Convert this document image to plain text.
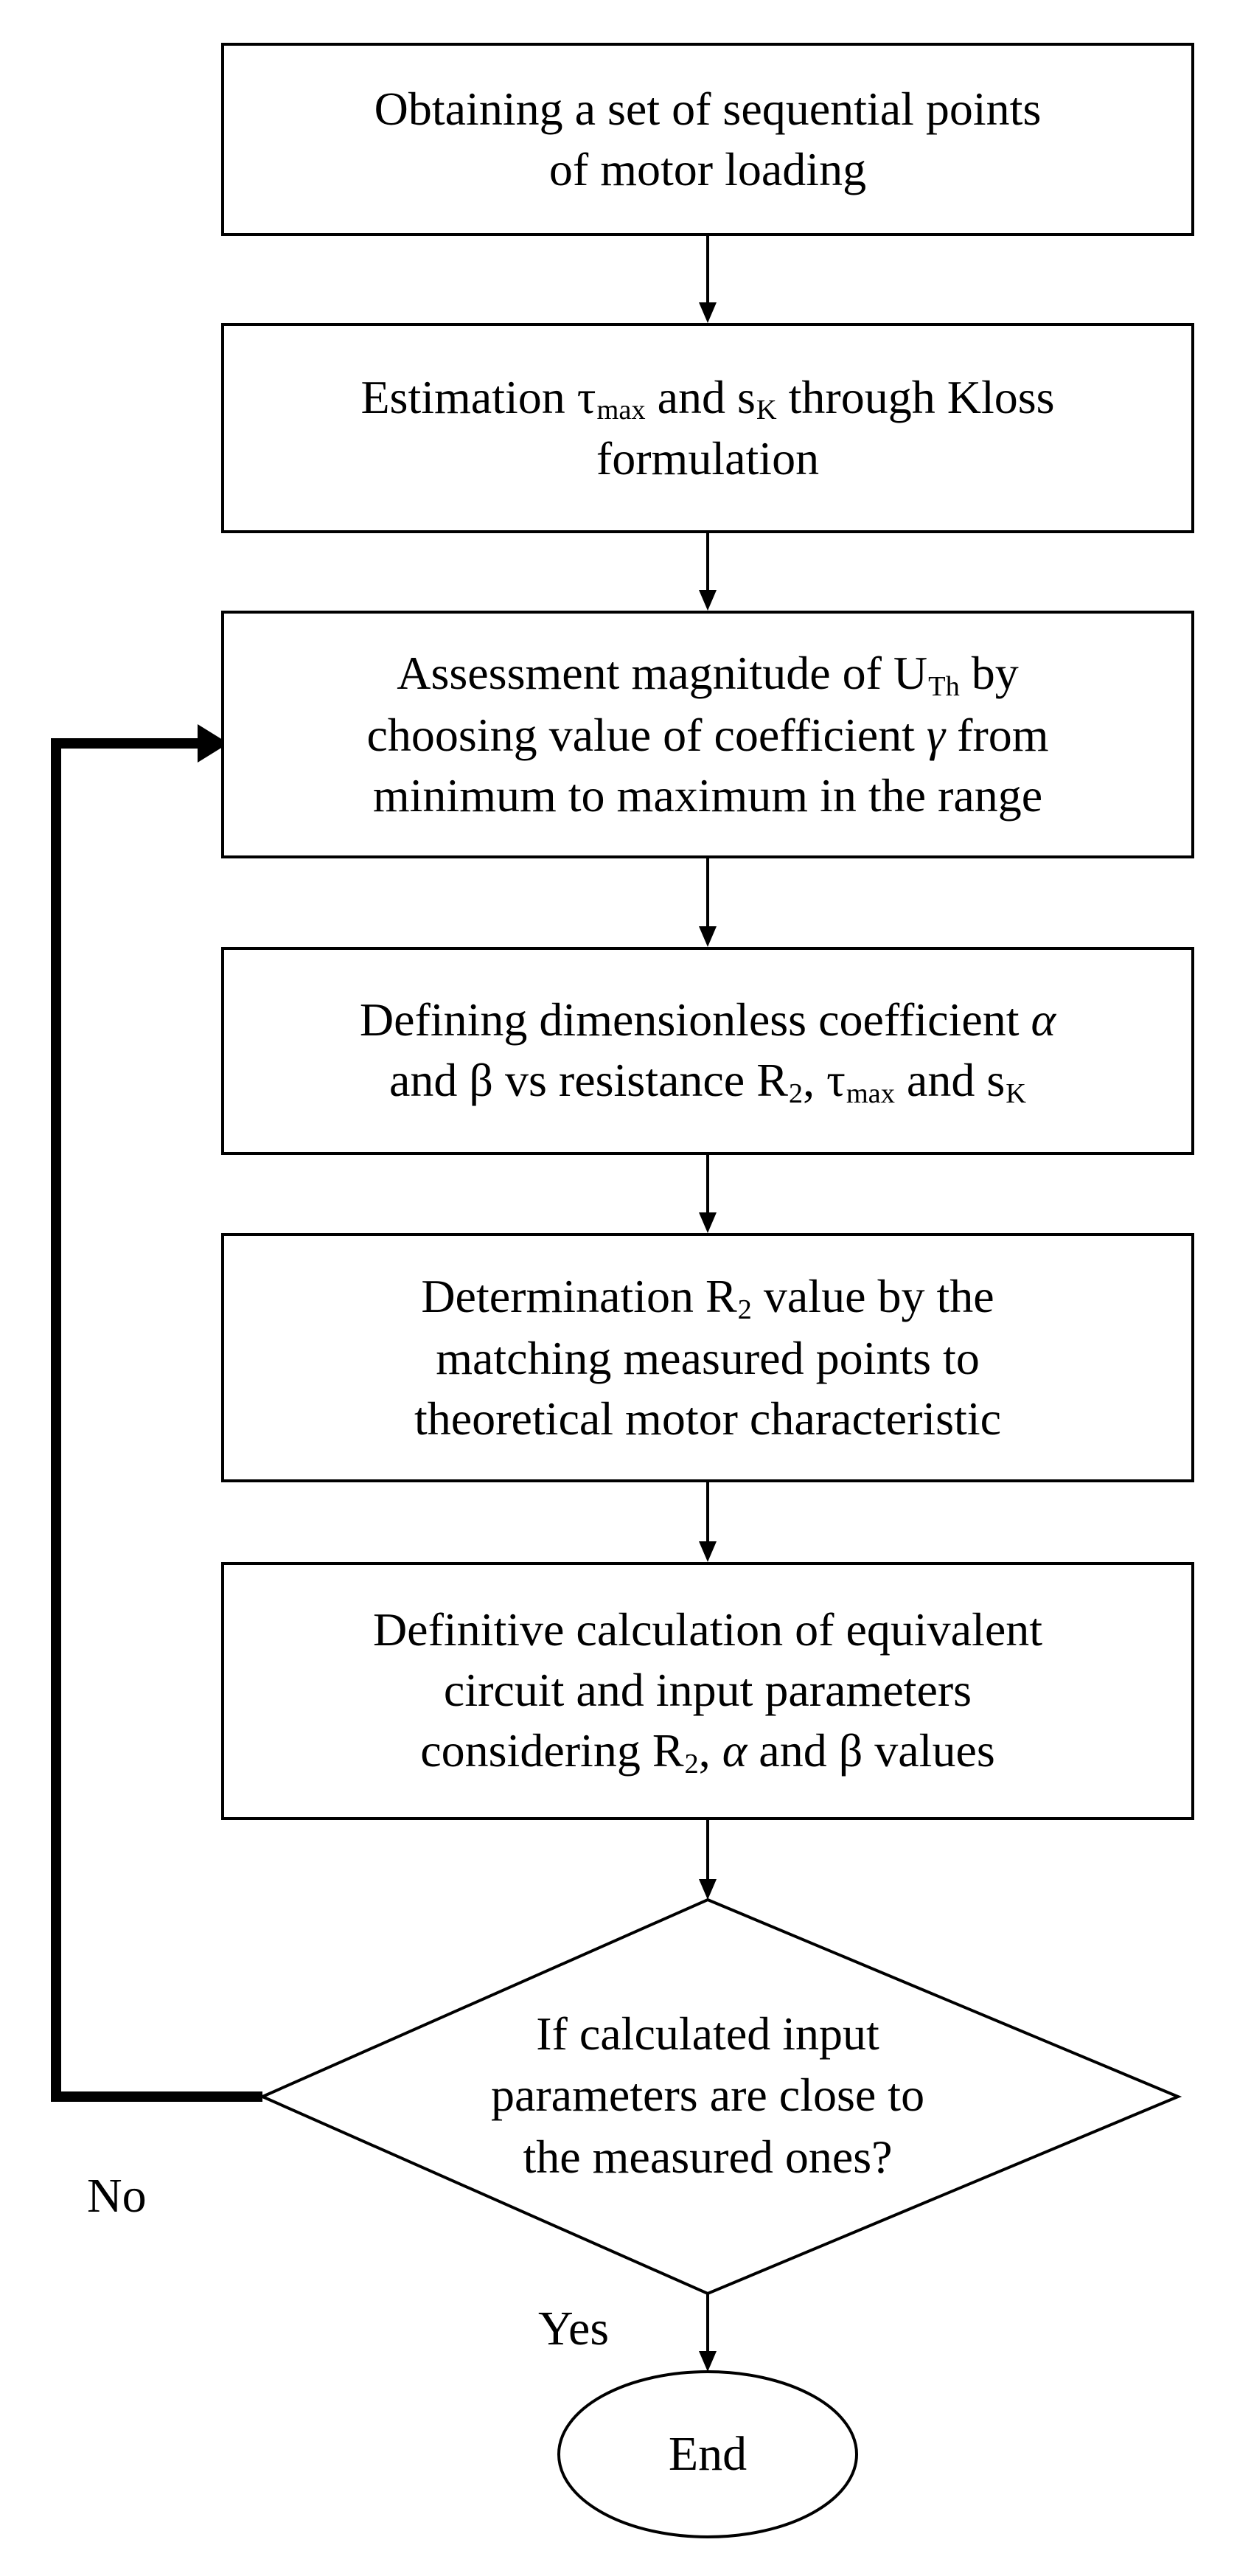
Obtaining a set of sequential points
of motor loading
Estimation $\tau_{max}$ and $s_K$ through Kloss
formulation
Assessment magnitude of $U_{Th}$ by
choosing value of coefficient γ from
minimum to maximum in the range
Defining dimensionless coefficient α
and β vs resistance $R_2$, $\tau_{max}$ and $s_K$
Determination $R_2$ value by the
matching measured points to
theoretical motor characteristic
Definitive calculation of equivalent
circuit and input parameters
considering $R_2$, α and β values
If calculated input
parameters are close to
the measured ones?
No
Yes
End
